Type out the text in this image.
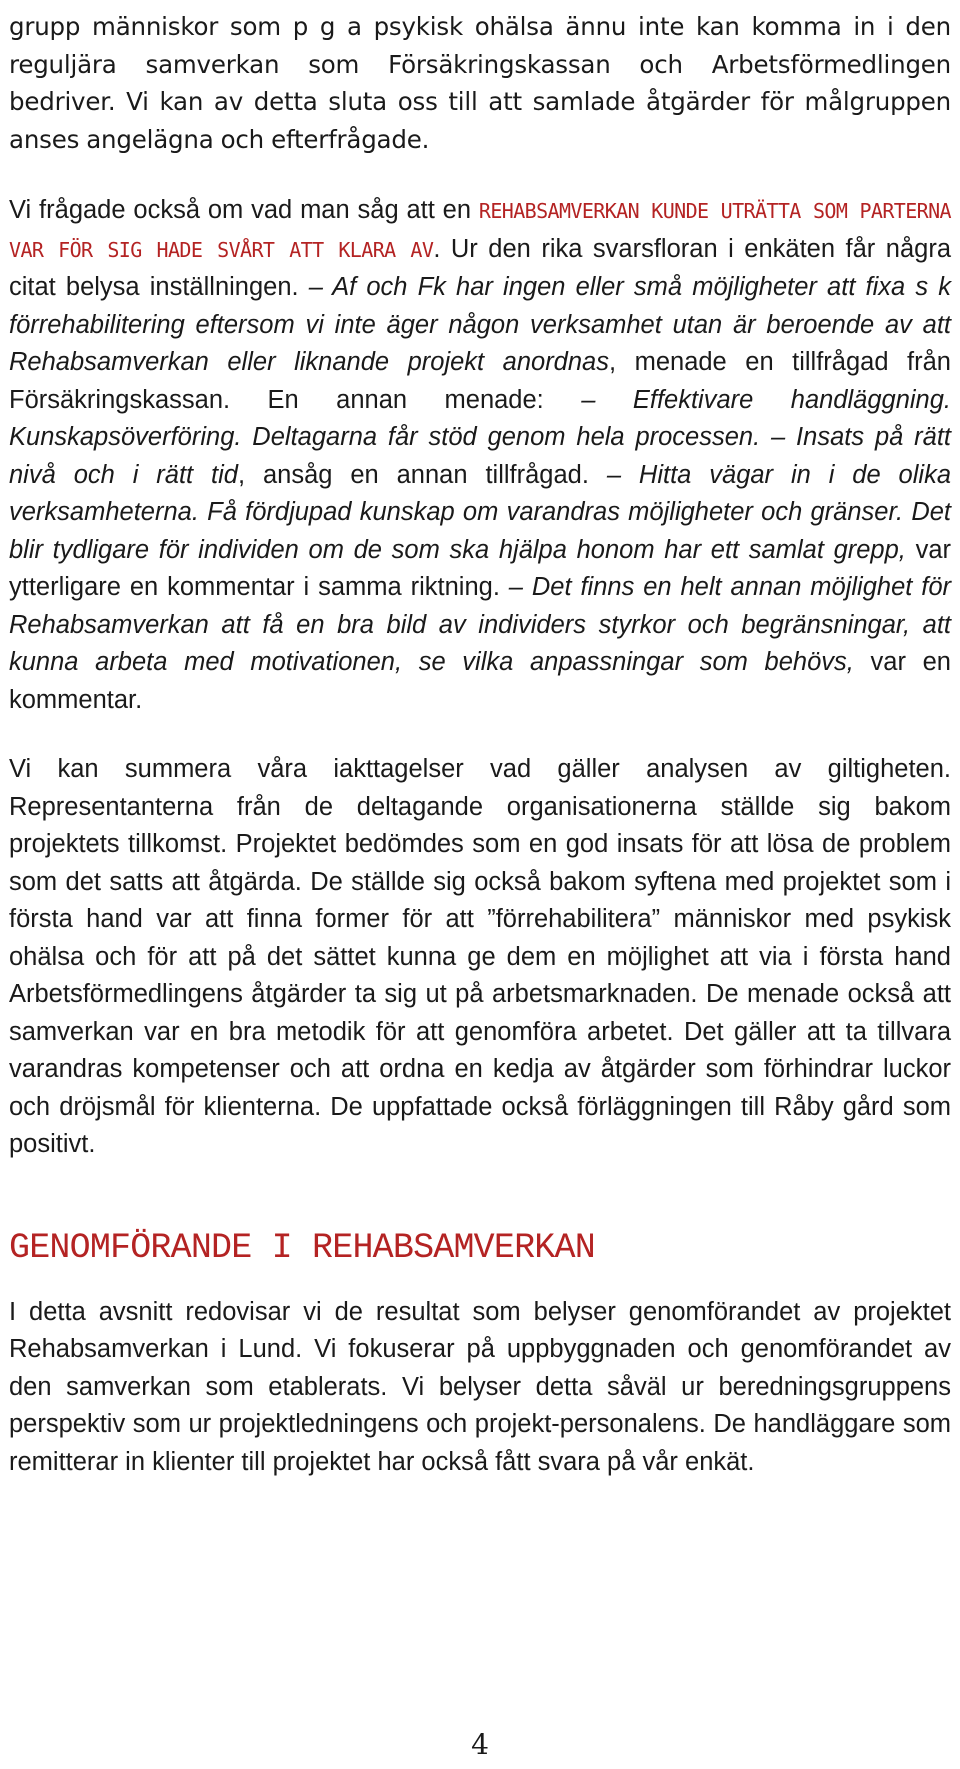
grupp människor som p g a psykisk ohälsa ännu inte kan komma in i den reguljära samverkan som Försäkringskassan och Arbetsförmedlingen bedriver. Vi kan av detta sluta oss till att samlade åtgärder för målgruppen anses angelägna och efterfrågade.

Vi frågade också om vad man såg att en REHABSAMVERKAN KUNDE UTRÄTTA SOM PARTERNA VAR FÖR SIG HADE SVÅRT ATT KLARA AV. Ur den rika svarsfloran i enkäten får några citat belysa inställningen. – Af och Fk har ingen eller små möjligheter att fixa s k förrehabilitering eftersom vi inte äger någon verksamhet utan är beroende av att Rehabsamverkan eller liknande projekt anordnas, menade en tillfrågad från Försäkringskassan. En annan menade: – Effektivare handläggning. Kunskapsöverföring. Deltagarna får stöd genom hela processen. – Insats på rätt nivå och i rätt tid, ansåg en annan tillfrågad. – Hitta vägar in i de olika verksamheterna. Få fördjupad kunskap om varandras möjligheter och gränser. Det blir tydligare för individen om de som ska hjälpa honom har ett samlat grepp, var ytterligare en kommentar i samma riktning. – Det finns en helt annan möjlighet för Rehabsamverkan att få en bra bild av individers styrkor och begränsningar, att kunna arbeta med motivationen, se vilka anpassningar som behövs, var en kommentar.

Vi kan summera våra iakttagelser vad gäller analysen av giltigheten. Representanterna från de deltagande organisationerna ställde sig bakom projektets tillkomst. Projektet bedömdes som en god insats för att lösa de problem som det satts att åtgärda. De ställde sig också bakom syftena med projektet som i första hand var att finna former för att ”förrehabilitera” människor med psykisk ohälsa och för att på det sättet kunna ge dem en möjlighet att via i första hand Arbetsförmedlingens åtgärder ta sig ut på arbetsmarknaden. De menade också att samverkan var en bra metodik för att genomföra arbetet. Det gäller att ta tillvara varandras kompetenser och att ordna en kedja av åtgärder som förhindrar luckor och dröjsmål för klienterna. De uppfattade också förläggningen till Råby gård som positivt.

GENOMFÖRANDE I REHABSAMVERKAN

I detta avsnitt redovisar vi de resultat som belyser genomförandet av projektet Rehabsamverkan i Lund. Vi fokuserar på uppbyggnaden och genomförandet av den samverkan som etablerats. Vi belyser detta såväl ur beredningsgruppens perspektiv som ur projektledningens och projekt-personalens. De handläggare som remitterar in klienter till projektet har också fått svara på vår enkät.

4
